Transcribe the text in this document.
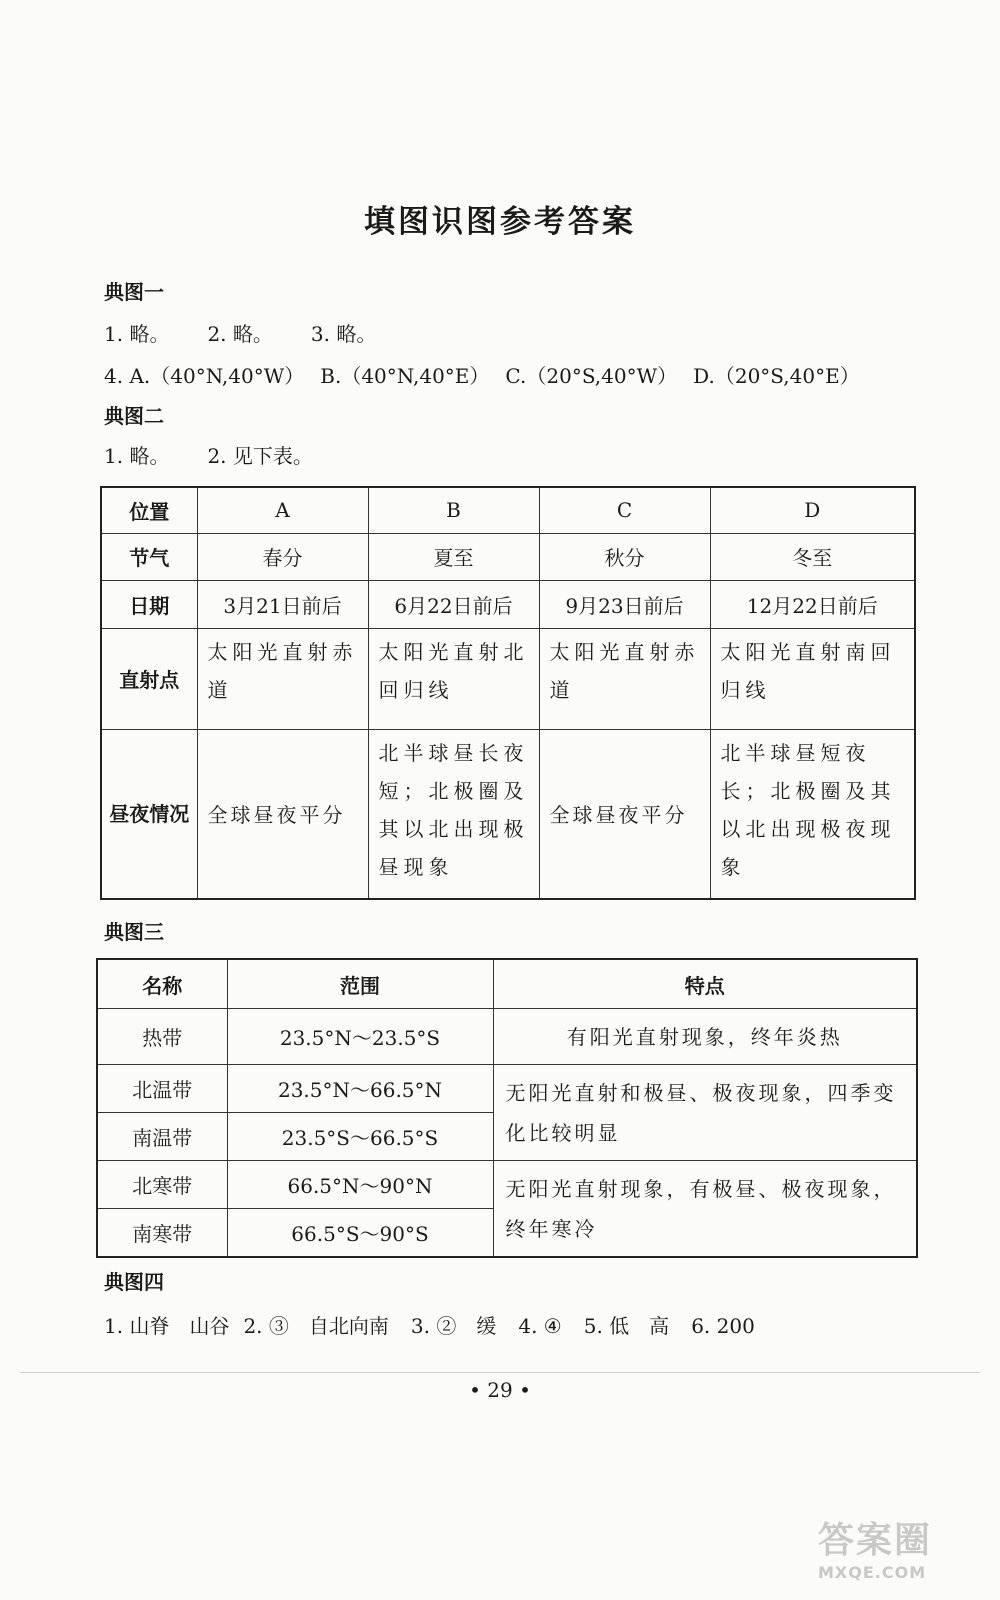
填图识图参考答案
典图一
1. 略。 2. 略。 3. 略。
4. A.（40°N,40°W） B.（40°N,40°E） C.（20°S,40°W） D.（20°S,40°E）
典图二
1. 略。 2. 见下表。
位置	A	B	C	D
节气	春分	夏至	秋分	冬至
日期	3月21日前后	6月22日前后	9月23日前后	12月22日前后
直射点	太阳光直射赤道	太阳光直射北回归线	太阳光直射赤道	太阳光直射南回归线
昼夜情况	全球昼夜平分	北半球昼长夜短；北极圈及其以北出现极昼现象	全球昼夜平分	北半球昼短夜长；北极圈及其以北出现极夜现象
典图三
名称	范围	特点
热带	23.5°N～23.5°S	有阳光直射现象，终年炎热
北温带	23.5°N～66.5°N	无阳光直射和极昼、极夜现象，四季变化比较明显
南温带	23.5°S～66.5°S	
北寒带	66.5°N～90°N	无阳光直射现象，有极昼、极夜现象，终年寒冷
南寒带	66.5°S～90°S	
典图四
1. 山脊　山谷 2. ③　自北向南 3. ②　缓 4. ④ 5. 低　高 6. 200
• 29 •
答案圈
MXQE.COM
